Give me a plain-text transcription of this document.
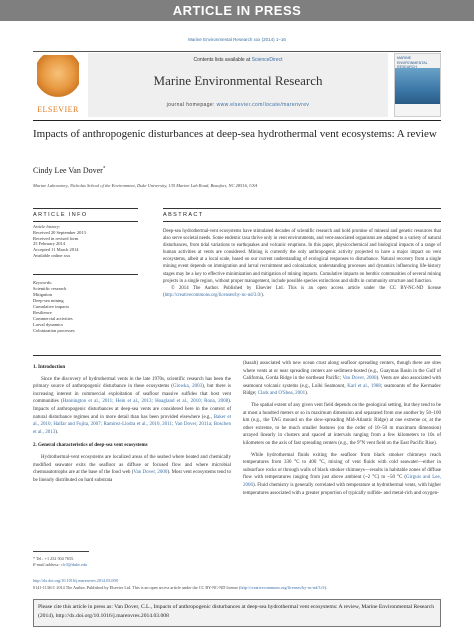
ARTICLE IN PRESS
Marine Environmental Research xxx (2014) 1–16
ELSEVIER
Contents lists available at ScienceDirect
Marine Environmental Research
journal homepage: www.elsevier.com/locate/marenvrev
MARINE ENVIRONMENTAL RESEARCH
Impacts of anthropogenic disturbances at deep-sea hydrothermal vent ecosystems: A review
Cindy Lee Van Dover*
Marine Laboratory, Nicholas School of the Environment, Duke University, 135 Marine Lab Road, Beaufort, NC 28516, USA
ARTICLE INFO
Article history:
Received 20 September 2013
Received in revised form
25 February 2014
Accepted 11 March 2014
Available online xxx
Keywords:
Scientific research
Mitigation
Deep-sea mining
Cumulative impacts
Resilience
Commercial activities
Larval dynamics
Colonization processes
ABSTRACT
Deep-sea hydrothermal-vent ecosystems have stimulated decades of scientific research and hold promise of mineral and genetic resources that also serve societal needs. Some endemic taxa thrive only in vent environments, and vent-associated organisms are adapted to a variety of natural disturbances, from tidal variations to earthquakes and volcanic eruptions. In this paper, physicochemical and biological impacts of a range of human activities at vents are considered. Mining is currently the only anthropogenic activity projected to have a major impact on vent ecosystems, albeit at a local scale, based on our current understanding of ecological responses to disturbance. Natural recovery from a single mining event depends on immigration and larval recruitment and colonization; understanding processes and dynamics influencing life-history stages may be a key to effective minimization and mitigation of mining impacts. Cumulative impacts on benthic communities of several mining projects in a single region, without proper management, include possible species extinctions and shifts in community structure and function.
© 2014 The Author. Published by Elsevier Ltd. This is an open access article under the CC BY-NC-ND license (http://creativecommons.org/licenses/by-nc-nd/3.0/).
1. Introduction

Since the discovery of hydrothermal vents in the late 1970s, scientific research has been the primary source of anthropogenic disturbance in these ecosystems (Glowka, 2003), but there is increasing interest in commercial exploitation of seafloor massive sulfides that host vent communities (Hannington et al., 2011; Hein et al., 2013; Hoagland et al., 2010; Rona, 2008). Impacts of anthropogenic disturbances at deep-sea vents are considered here in the context of natural disturbance regimes and in more detail than has been provided elsewhere (e.g., Baker et al., 2010; Halfar and Fujita, 2007; Ramirez-Llodra et al., 2010, 2011; Van Dover, 2011a; Boschen et al., 2013).

2. General characteristics of deep-sea vent ecosystems

Hydrothermal-vent ecosystems are localized areas of the seabed where heated and chemically modified seawater exits the seafloor as diffuse or focused flow and where microbial chemoautotrophs are at the base of the food web (Van Dover, 2000). Most vent ecosystems tend to be linearly distributed on hard substrata

(basalt) associated with new ocean crust along seafloor spreading centers, though there are sites where vents at or near spreading centers are sediment-hosted (e.g., Guaymas Basin in the Gulf of California, Gorda Ridge in the northeast Pacific; Van Dover, 2000). Vents are also associated with seamount volcanic systems (e.g., Loihi Seamount, Karl et al., 1988; seamounts of the Kermadec Ridge; Clark and O'Shea, 2001).

The spatial extent of any given vent field depends on the geological setting, but they tend to be at most a hundred meters or so in maximum dimension and separated from one another by 50–100 km (e.g., the TAG mound on the slow-spreading Mid-Atlantic Ridge) at one extreme or, at the other extreme, to be much smaller features (on the order of 10–50 m maximum dimension) arrayed linearly in clusters and spaced at intervals ranging from a few kilometers to 10s of kilometers on the axis of fast spreading centers (e.g., the 9°N vent field on the East Pacific Rise).

While hydrothermal fluids exiting the seafloor from black smoker chimneys reach temperatures from 330 °C to 400 °C, mixing of vent fluids with cold seawater—either in subsurface rocks or through walls of black smoker chimneys—results in habitable zones of diffuse flow with temperatures ranging from just above ambient (~2 °C) to ~50 °C (Girguis and Lee, 2006). Fluid chemistry is generally correlated with temperature at hydrothermal vents, with higher temperatures associated with a greater proportion of typically sulfide- and metal-rich and oxygen-

* Tel.: +1 252 504 7655.
E-mail address: clv3@duke.edu
http://dx.doi.org/10.1016/j.marenvres.2014.03.008
0141-1136/© 2014 The Author. Published by Elsevier Ltd. This is an open access article under the CC BY-NC-ND license (http://creativecommons.org/licenses/by-nc-nd/3.0/).
Please cite this article in press as: Van Dover, C.L., Impacts of anthropogenic disturbances at deep-sea hydrothermal vent ecosystems: A review, Marine Environmental Research (2014), http://dx.doi.org/10.1016/j.marenvres.2014.03.008
